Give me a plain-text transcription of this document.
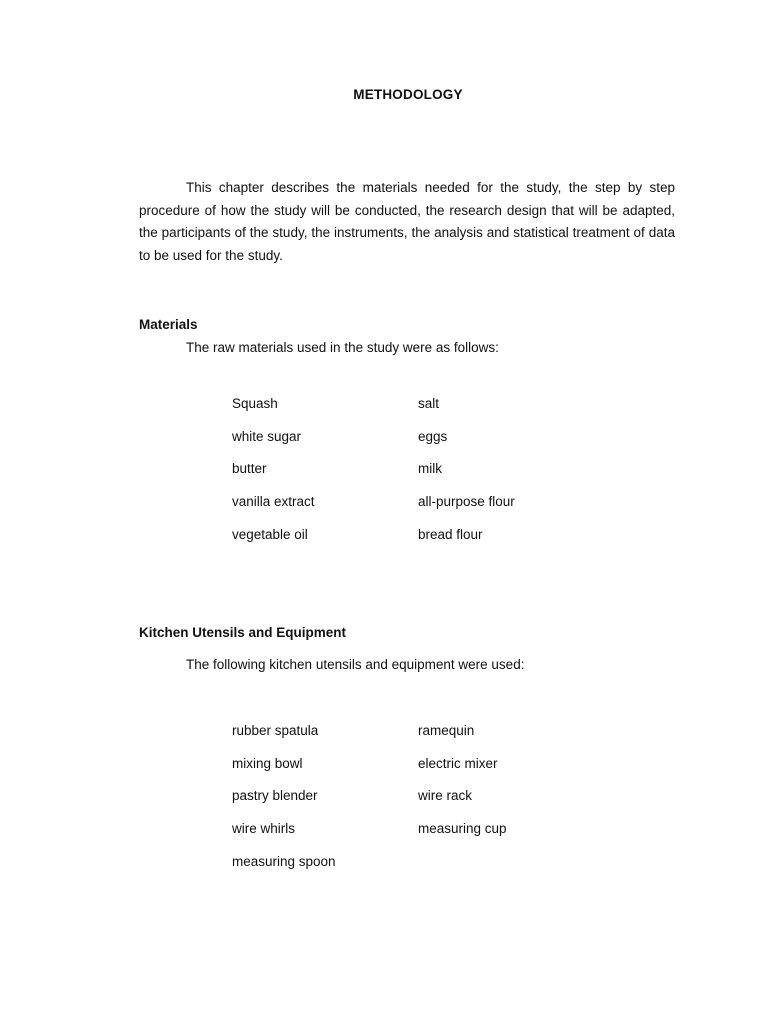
METHODOLOGY

This chapter describes the materials needed for the study, the step by step procedure of how the study will be conducted, the research design that will be adapted, the participants of the study, the instruments, the analysis and statistical treatment of data to be used for the study.

Materials

The raw materials used in the study were as follows:

Squash	salt

white sugar	eggs

butter	milk

vanilla extract	all-purpose flour

vegetable oil	bread flour

Kitchen Utensils and Equipment

The following kitchen utensils and equipment were used:

rubber spatula	ramequin

mixing bowl	electric mixer

pastry blender	wire rack

wire whirls	measuring cup

measuring spoon
